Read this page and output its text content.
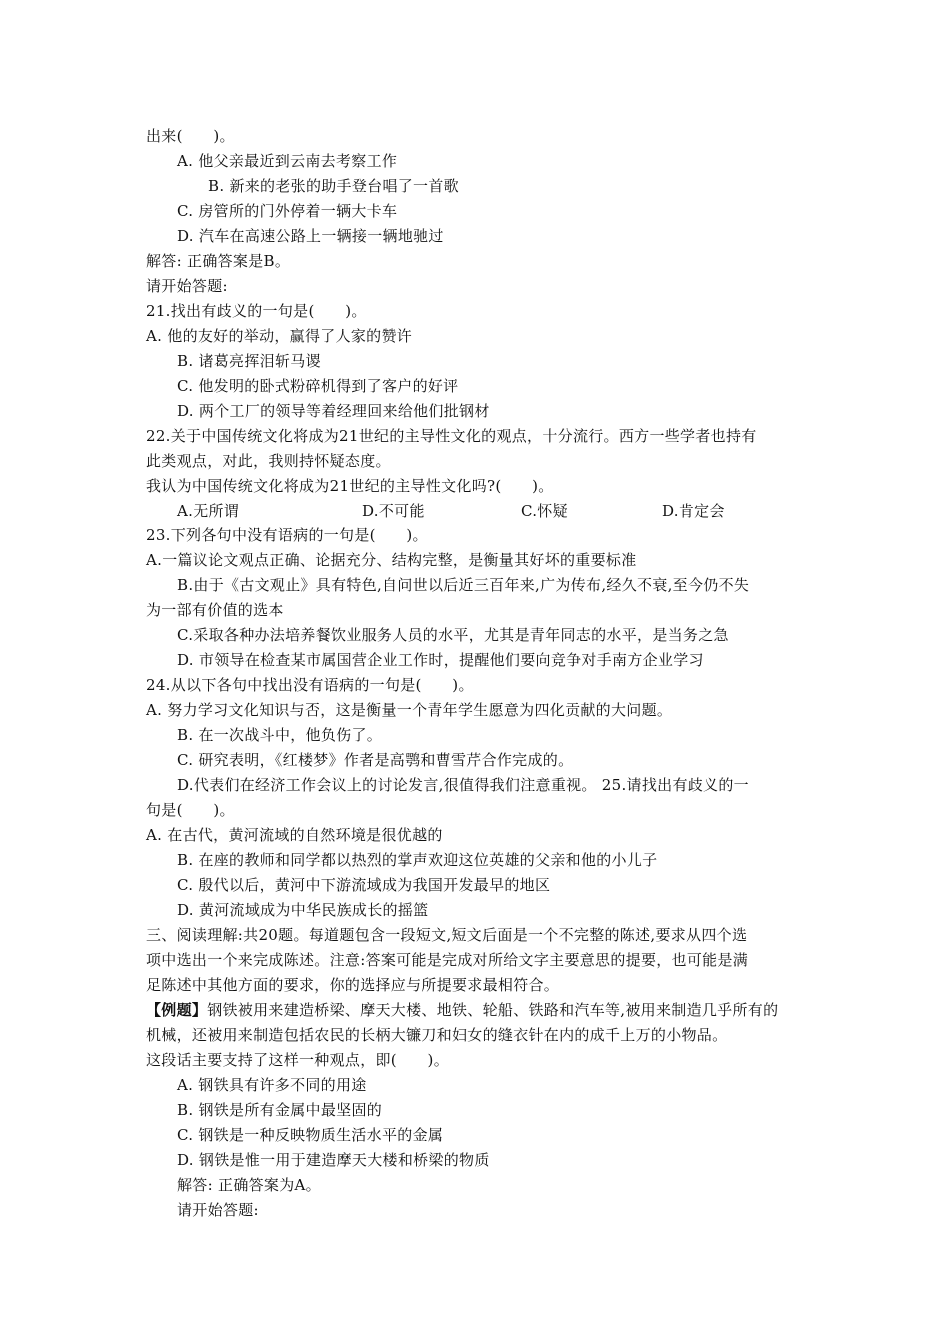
出来(　　)。
A. 他父亲最近到云南去考察工作
B. 新来的老张的助手登台唱了一首歌
C. 房管所的门外停着一辆大卡车
D. 汽车在高速公路上一辆接一辆地驰过
解答: 正确答案是B。
请开始答题:
21.找出有歧义的一句是(　　)。
A. 他的友好的举动，赢得了人家的赞许
B. 诸葛亮挥泪斩马谡
C. 他发明的卧式粉碎机得到了客户的好评
D. 两个工厂的领导等着经理回来给他们批钢材
22.关于中国传统文化将成为21世纪的主导性文化的观点，十分流行。西方一些学者也持有
此类观点，对此，我则持怀疑态度。
我认为中国传统文化将成为21世纪的主导性文化吗?(　　)。
A.无所谓	D.不可能	C.怀疑	D.肯定会
23.下列各句中没有语病的一句是(　　)。
A.一篇议论文观点正确、论据充分、结构完整，是衡量其好坏的重要标准
B.由于《古文观止》具有特色,自问世以后近三百年来,广为传布,经久不衰,至今仍不失
为一部有价值的选本
C.采取各种办法培养餐饮业服务人员的水平，尤其是青年同志的水平，是当务之急
D. 市领导在检查某市属国营企业工作时，提醒他们要向竞争对手南方企业学习
24.从以下各句中找出没有语病的一句是(　　)。
A. 努力学习文化知识与否，这是衡量一个青年学生愿意为四化贡献的大问题。
B. 在一次战斗中，他负伤了。
C. 研究表明，《红楼梦》作者是高鹗和曹雪芹合作完成的。
D.代表们在经济工作会议上的讨论发言,很值得我们注意重视。 25.请找出有歧义的一
句是(　　)。
A. 在古代，黄河流域的自然环境是很优越的
B. 在座的教师和同学都以热烈的掌声欢迎这位英雄的父亲和他的小儿子
C. 殷代以后，黄河中下游流域成为我国开发最早的地区
D. 黄河流域成为中华民族成长的摇篮
三、阅读理解:共20题。每道题包含一段短文,短文后面是一个不完整的陈述,要求从四个选
项中选出一个来完成陈述。注意:答案可能是完成对所给文字主要意思的提要，也可能是满
足陈述中其他方面的要求，你的选择应与所提要求最相符合。
【例题】钢铁被用来建造桥梁、摩天大楼、地铁、轮船、铁路和汽车等,被用来制造几乎所有的
机械，还被用来制造包括农民的长柄大镰刀和妇女的缝衣针在内的成千上万的小物品。
这段话主要支持了这样一种观点，即(　　)。
A. 钢铁具有许多不同的用途
B. 钢铁是所有金属中最坚固的
C. 钢铁是一种反映物质生活水平的金属
D. 钢铁是惟一用于建造摩天大楼和桥梁的物质
解答: 正确答案为A。
请开始答题:
